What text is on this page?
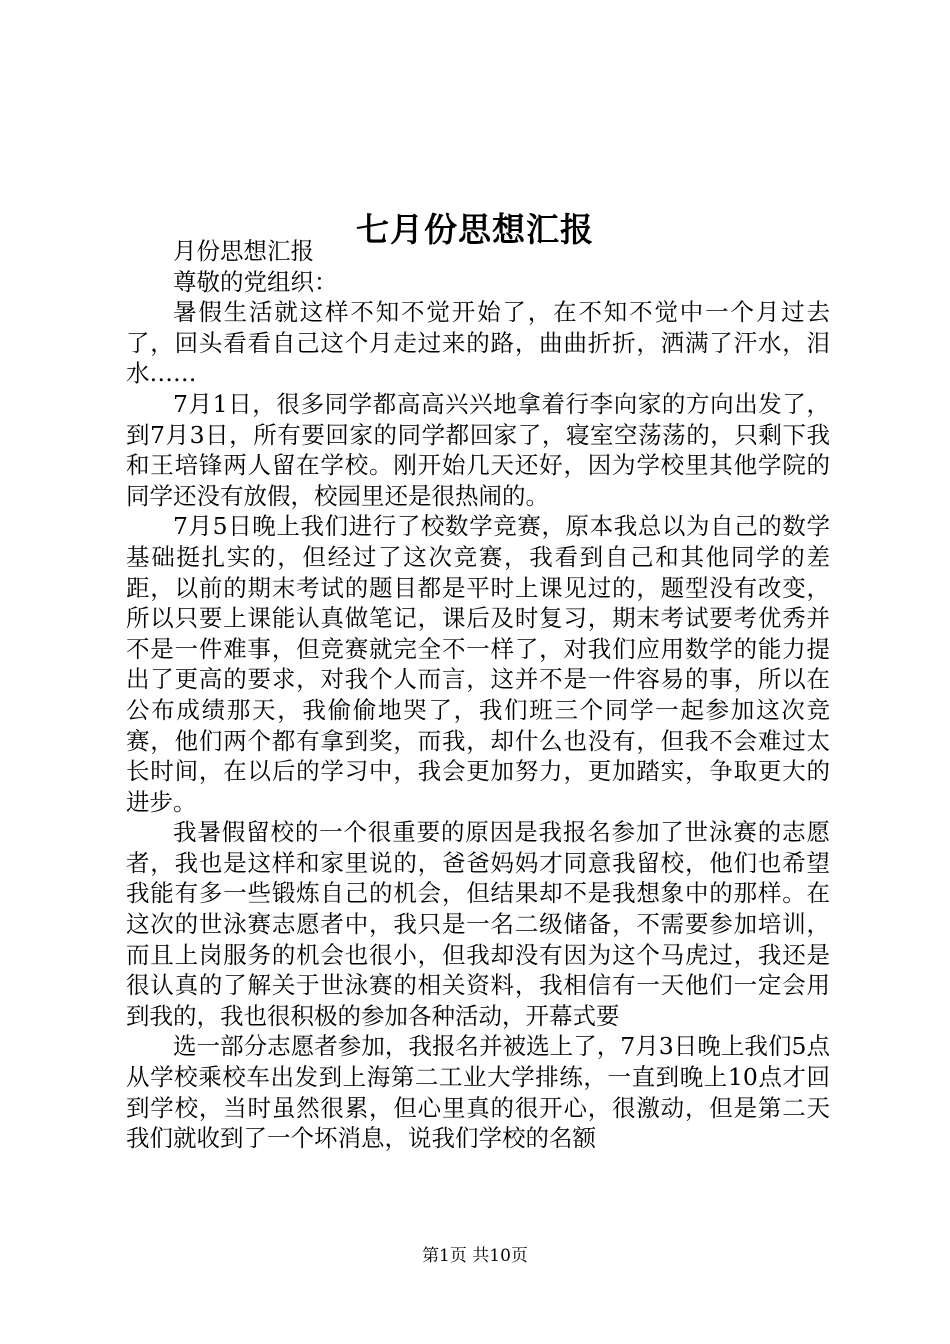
七月份思想汇报

月份思想汇报

尊敬的党组织：

暑假生活就这样不知不觉开始了，在不知不觉中一个月过去了，回头看看自己这个月走过来的路，曲曲折折，洒满了汗水，泪水……

7月1日，很多同学都高高兴兴地拿着行李向家的方向出发了，到7月3日，所有要回家的同学都回家了，寝室空荡荡的，只剩下我和王培锋两人留在学校。刚开始几天还好，因为学校里其他学院的同学还没有放假，校园里还是很热闹的。

7月5日晚上我们进行了校数学竞赛，原本我总以为自己的数学基础挺扎实的，但经过了这次竞赛，我看到自己和其他同学的差距，以前的期末考试的题目都是平时上课见过的，题型没有改变，所以只要上课能认真做笔记，课后及时复习，期末考试要考优秀并不是一件难事，但竞赛就完全不一样了，对我们应用数学的能力提出了更高的要求，对我个人而言，这并不是一件容易的事，所以在公布成绩那天，我偷偷地哭了，我们班三个同学一起参加这次竞赛，他们两个都有拿到奖，而我，却什么也没有，但我不会难过太长时间，在以后的学习中，我会更加努力，更加踏实，争取更大的进步。

我暑假留校的一个很重要的原因是我报名参加了世泳赛的志愿者，我也是这样和家里说的，爸爸妈妈才同意我留校，他们也希望我能有多一些锻炼自己的机会，但结果却不是我想象中的那样。在这次的世泳赛志愿者中，我只是一名二级储备，不需要参加培训，而且上岗服务的机会也很小，但我却没有因为这个马虎过，我还是很认真的了解关于世泳赛的相关资料，我相信有一天他们一定会用到我的，我也很积极的参加各种活动，开幕式要

选一部分志愿者参加，我报名并被选上了，7月3日晚上我们5点从学校乘校车出发到上海第二工业大学排练，一直到晚上10点才回到学校，当时虽然很累，但心里真的很开心，很激动，但是第二天我们就收到了一个坏消息，说我们学校的名额

第1页 共10页
